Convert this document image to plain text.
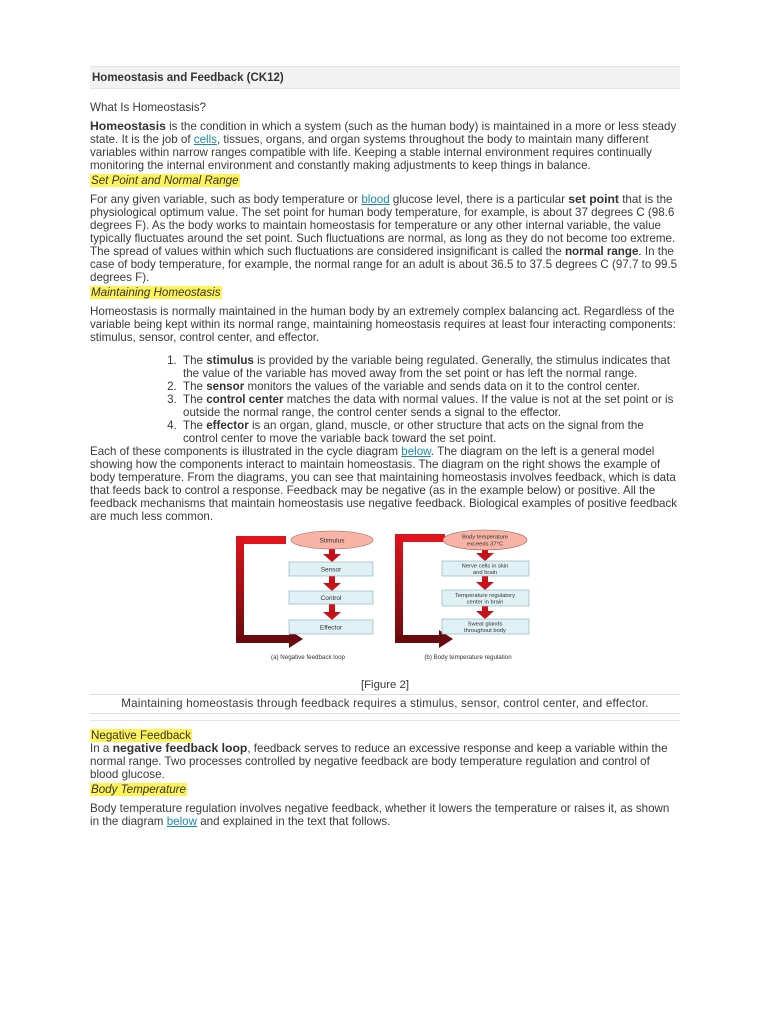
Homeostasis and Feedback (CK12)
What Is Homeostasis?

Homeostasis is the condition in which a system (such as the human body) is maintained in a more or less steady state. It is the job of cells, tissues, organs, and organ systems throughout the body to maintain many different variables within narrow ranges compatible with life. Keeping a stable internal environment requires continually monitoring the internal environment and constantly making adjustments to keep things in balance.

Set Point and Normal Range

For any given variable, such as body temperature or blood glucose level, there is a particular set point that is the physiological optimum value. The set point for human body temperature, for example, is about 37 degrees C (98.6 degrees F). As the body works to maintain homeostasis for temperature or any other internal variable, the value typically fluctuates around the set point. Such fluctuations are normal, as long as they do not become too extreme. The spread of values within which such fluctuations are considered insignificant is called the normal range. In the case of body temperature, for example, the normal range for an adult is about 36.5 to 37.5 degrees C (97.7 to 99.5 degrees F).

Maintaining Homeostasis

Homeostasis is normally maintained in the human body by an extremely complex balancing act. Regardless of the variable being kept within its normal range, maintaining homeostasis requires at least four interacting components: stimulus, sensor, control center, and effector.

1. The stimulus is provided by the variable being regulated. Generally, the stimulus indicates that the value of the variable has moved away from the set point or has left the normal range.
2. The sensor monitors the values of the variable and sends data on it to the control center.
3. The control center matches the data with normal values. If the value is not at the set point or is outside the normal range, the control center sends a signal to the effector.
4. The effector is an organ, gland, muscle, or other structure that acts on the signal from the control center to move the variable back toward the set point.

Each of these components is illustrated in the cycle diagram below. The diagram on the left is a general model showing how the components interact to maintain homeostasis. The diagram on the right shows the example of body temperature. From the diagrams, you can see that maintaining homeostasis involves feedback, which is data that feeds back to control a response. Feedback may be negative (as in the example below) or positive. All the feedback mechanisms that maintain homeostasis use negative feedback. Biological examples of positive feedback are much less common.

Stimulus
Sensor
Control
Effector
(a) Negative feedback loop
Body temperature
exceeds 37°C
Nerve cells in skin
and brain
Temperature regulatory
center in brain
Sweat glands
throughout body
(b) Body temperature regulation
[Figure 2]
Maintaining homeostasis through feedback requires a stimulus, sensor, control center, and effector.
Negative Feedback

In a negative feedback loop, feedback serves to reduce an excessive response and keep a variable within the normal range. Two processes controlled by negative feedback are body temperature regulation and control of blood glucose.

Body Temperature

Body temperature regulation involves negative feedback, whether it lowers the temperature or raises it, as shown in the diagram below and explained in the text that follows.
